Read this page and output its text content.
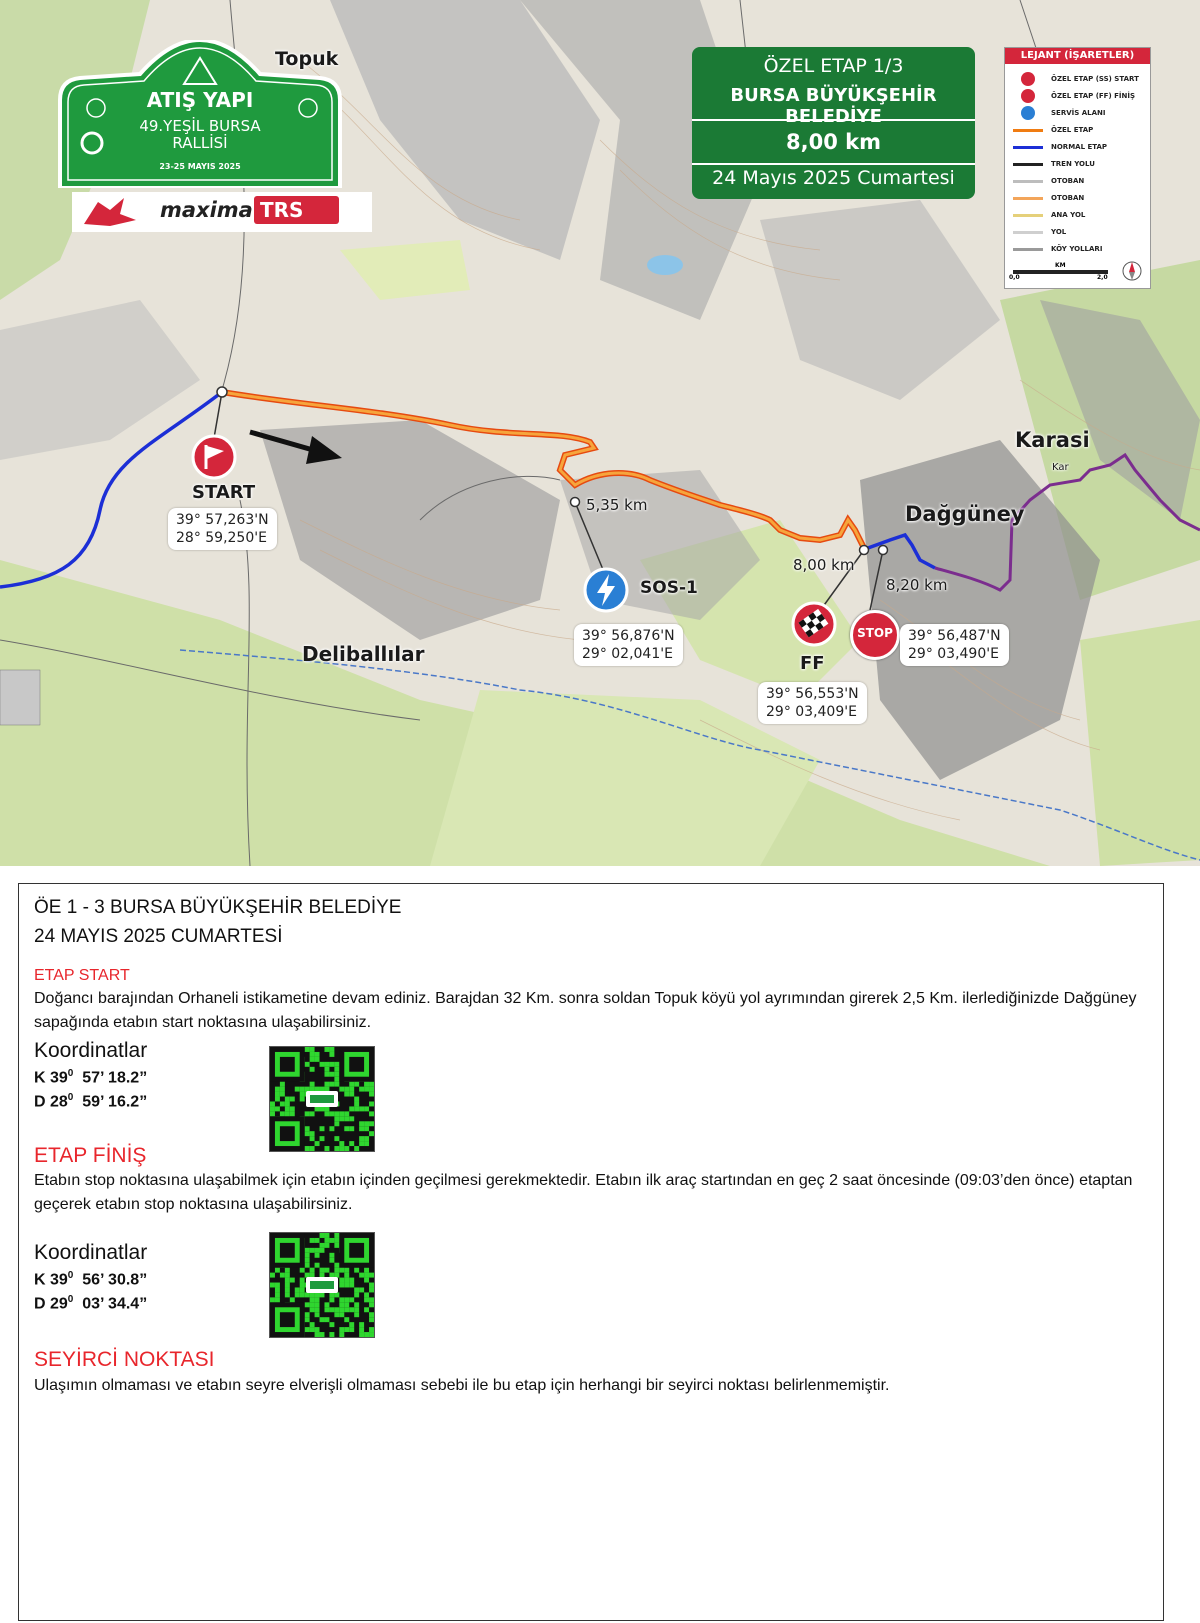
ATIŞ YAPI
49.YEŞİL BURSA
RALLİSİ
23-25 MAYIS 2025
maxima TRS
ÖZEL ETAP 1/3
BURSA BÜYÜKŞEHİR BELEDİYE
8,00 km
24 Mayıs 2025 Cumartesi
LEJANT (İŞARETLER)
ÖZEL ETAP (SS) START
ÖZEL ETAP (FF) FİNİŞ
SERVİS ALANI
ÖZEL ETAP
NORMAL ETAP
TREN YOLU
OTOBAN
OTOBAN
ANA YOL
YOL
KÖY YOLLARI
0,0
KM
2,0
Topuk
Karasi
Kar
Dağgüney
Deliballılar
START
39° 57,263'N
28° 59,250'E
5,35 km
SOS-1
39° 56,876'N
29° 02,041'E
8,00 km
FF
39° 56,553'N
29° 03,409'E
8,20 km
STOP 39° 56,487'N
29° 03,490'E
ÖE 1 - 3 BURSA BÜYÜKŞEHİR BELEDİYE
24 MAYIS 2025 CUMARTESİ
ETAP START
Doğancı barajından Orhaneli istikametine devam ediniz. Barajdan 32 Km. sonra soldan Topuk köyü yol ayrımından girerek 2,5 Km. ilerlediğinizde Dağgüney sapağında etabın start noktasına ulaşabilirsiniz.
Koordinatlar
K $39^0$ 57’ 18.2”
D $28^0$ 59’ 16.2”
ETAP FİNİŞ
Etabın stop noktasına ulaşabilmek için etabın içinden geçilmesi gerekmektedir. Etabın ilk araç startından en geç 2 saat öncesinde (09:03’den önce) etaptan geçerek etabın stop noktasına ulaşabilirsiniz.
Koordinatlar
K $39^0$ 56’ 30.8”
D $29^0$ 03’ 34.4”
SEYİRCİ NOKTASI
Ulaşımın olmaması ve etabın seyre elverişli olmaması sebebi ile bu etap için herhangi bir seyirci noktası belirlenmemiştir.
